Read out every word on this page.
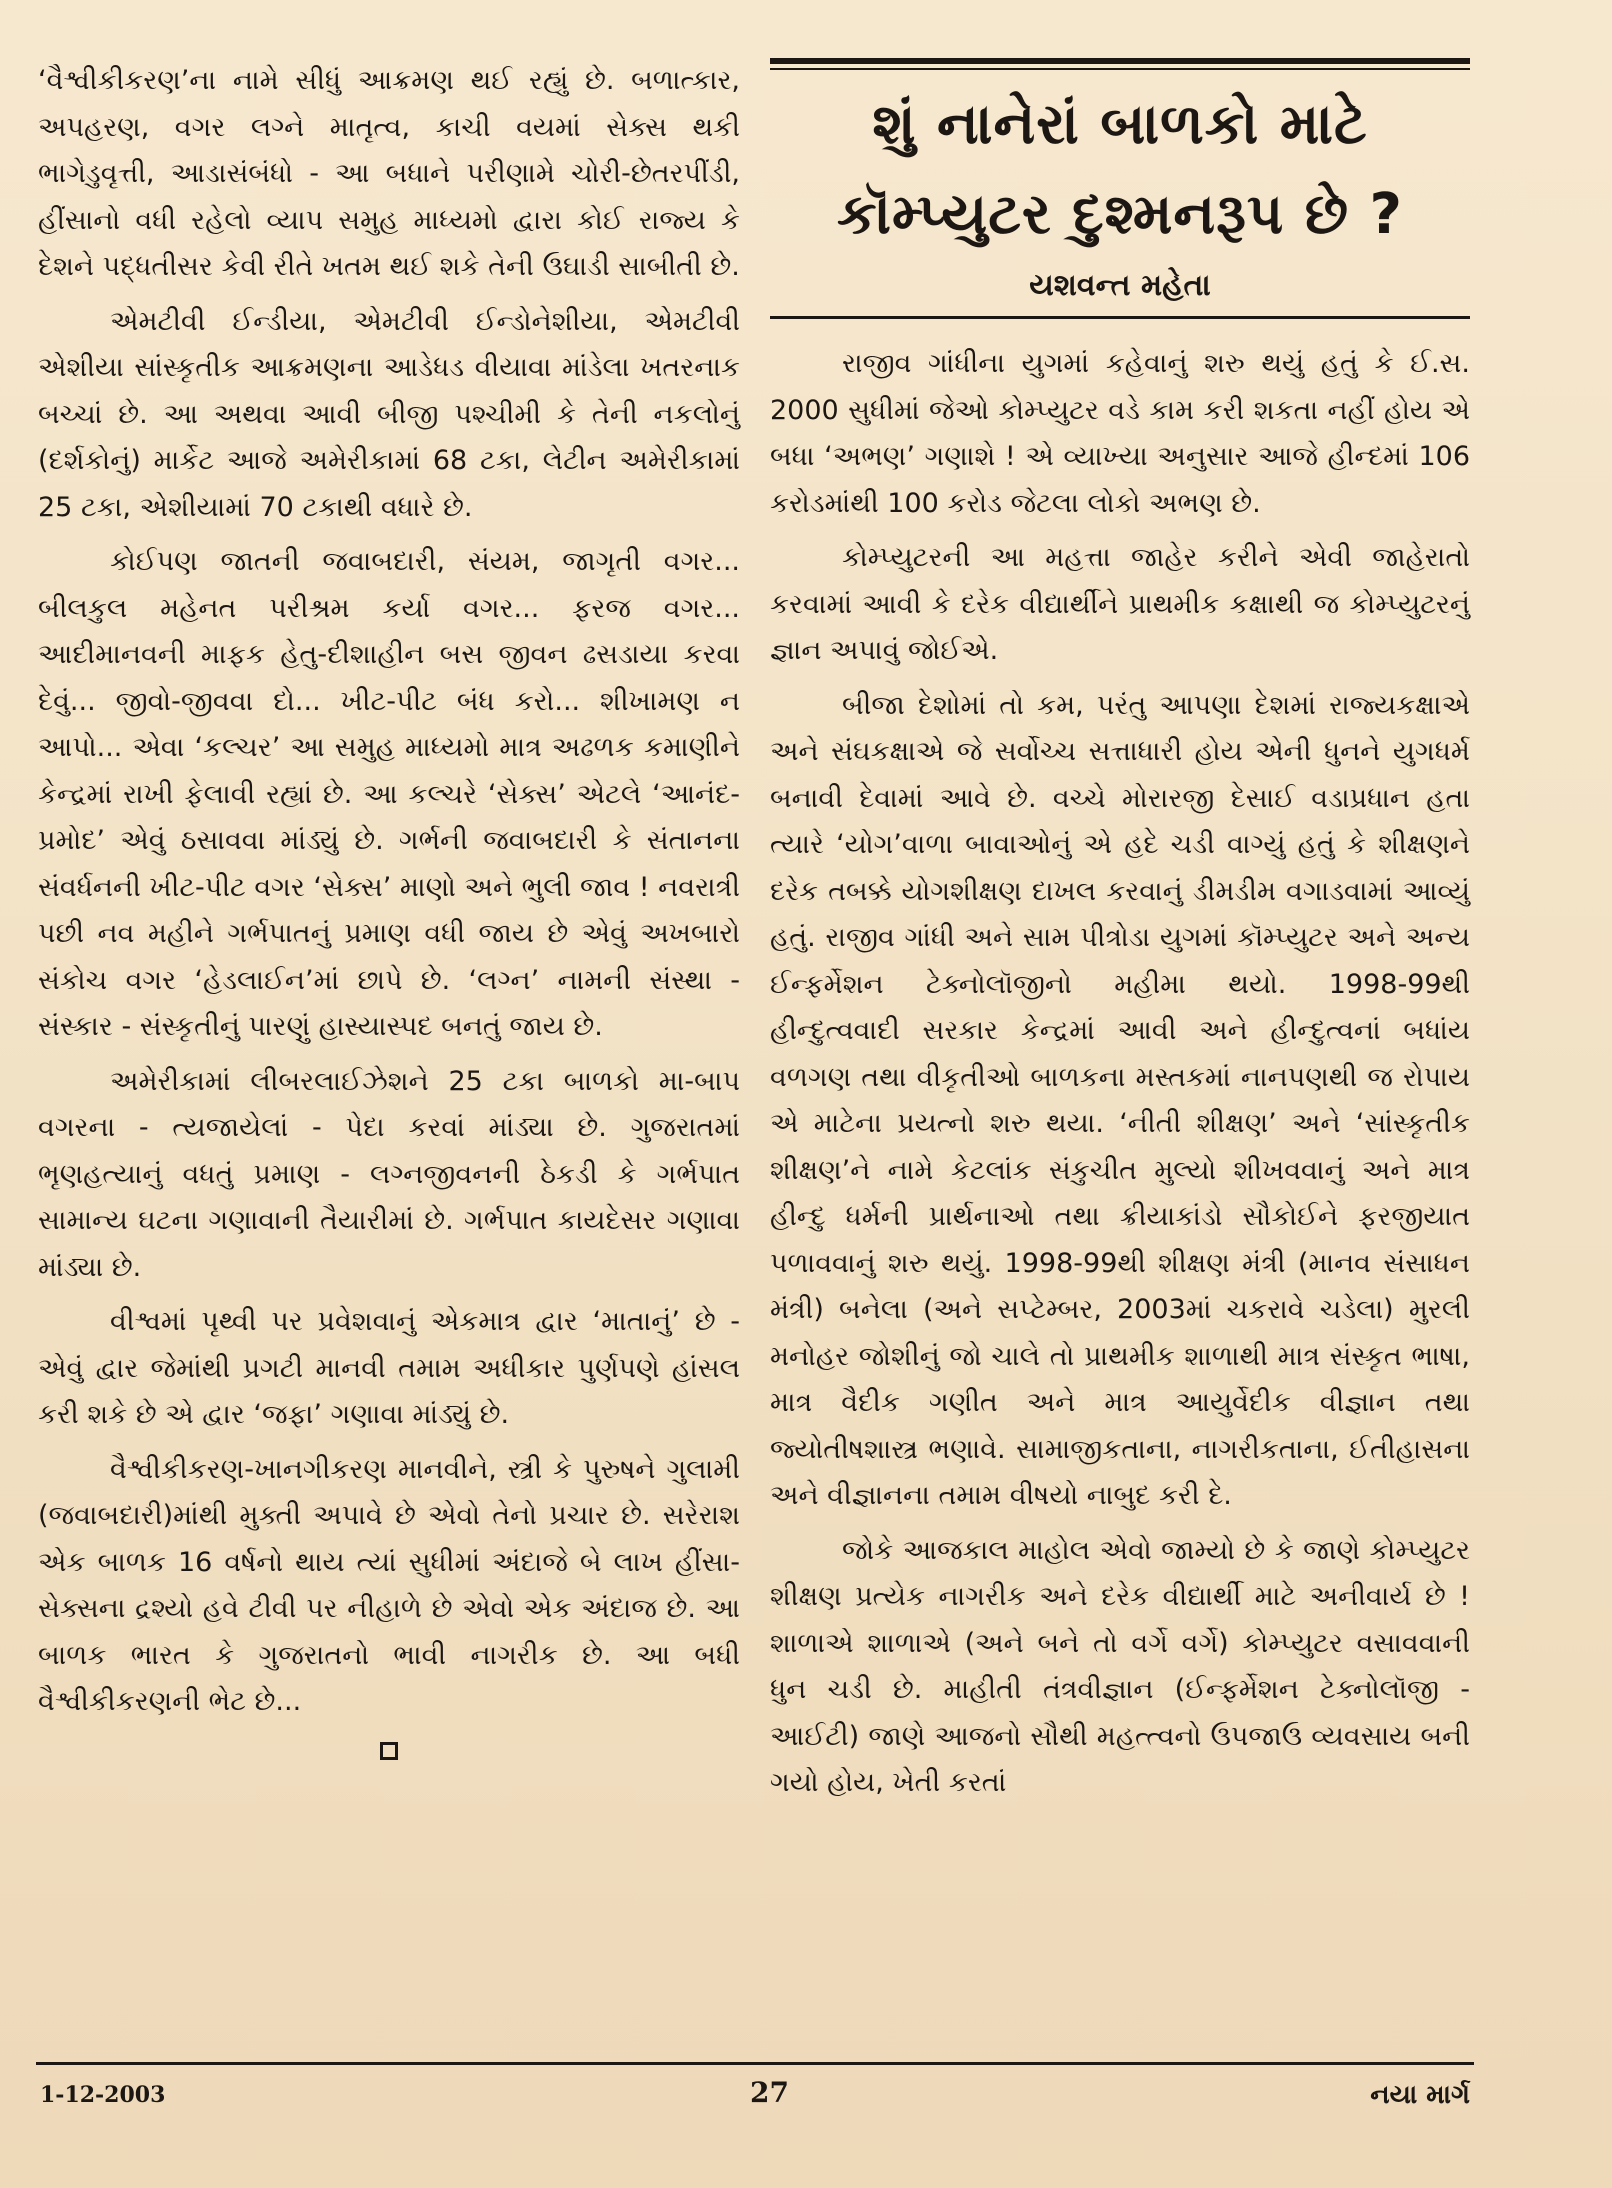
‘વૈશ્વીકીકરણ’ના નામે સીધું આક્રમણ થઈ રહ્યું છે. બળાત્કાર, અપહરણ, વગર લગ્ને માતૃત્વ, કાચી વયમાં સેક્સ થકી ભાગેડુવૃત્તી, આડાસંબંધો - આ બધાને પરીણામે ચોરી-છેતરપીંડી, હીંસાનો વધી રહેલો વ્યાપ સમુહ માધ્યમો દ્વારા કોઈ રાજ્ય કે દેશને પદ્ધતીસર કેવી રીતે ખતમ થઈ શકે તેની ઉઘાડી સાબીતી છે.

એમટીવી ઈન્ડીયા, એમટીવી ઈન્ડોનેશીયા, એમટીવી એશીયા સાંસ્કૃતીક આક્રમણના આડેધડ વીયાવા માંડેલા ખતરનાક બચ્ચાં છે. આ અથવા આવી બીજી પશ્ચીમી કે તેની નકલોનું (દર્શકોનું) માર્કેટ આજે અમેરીકામાં 68 ટકા, લેટીન અમેરીકામાં 25 ટકા, એશીયામાં 70 ટકાથી વધારે છે.

કોઈપણ જાતની જવાબદારી, સંયમ, જાગૃતી વગર... બીલકુલ મહેનત પરીશ્રમ કર્યા વગર... ફરજ વગર... આદીમાનવની માફક હેતુ-દીશાહીન બસ જીવન ઢસડાયા કરવા દેવું... જીવો-જીવવા દો... ખીટ-પીટ બંધ કરો... શીખામણ ન આપો... એવા ‘કલ્ચર’ આ સમુહ માધ્યમો માત્ર અઢળક કમાણીને કેન્દ્રમાં રાખી ફેલાવી રહ્યાં છે. આ કલ્ચરે ‘સેક્સ’ એટલે ‘આનંદ-પ્રમોદ’ એવું ઠસાવવા માંડ્યું છે. ગર્ભની જવાબદારી કે સંતાનના સંવર્ધનની ખીટ-પીટ વગર ‘સેક્સ’ માણો અને ભુલી જાવ ! નવરાત્રી પછી નવ મહીને ગર્ભપાતનું પ્રમાણ વધી જાય છે એવું અખબારો સંકોચ વગર ‘હેડલાઈન’માં છાપે છે. ‘લગ્ન’ નામની સંસ્થા - સંસ્કાર - સંસ્કૃતીનું પારણું હાસ્યાસ્પદ બનતું જાય છે.

અમેરીકામાં લીબરલાઈઝેશને 25 ટકા બાળકો મા-બાપ વગરના - ત્યજાયેલાં - પેદા કરવાં માંડ્યા છે. ગુજરાતમાં ભૃણહત્યાનું વધતું પ્રમાણ - લગ્નજીવનની ઠેકડી કે ગર્ભપાત સામાન્ય ઘટના ગણાવાની તૈયારીમાં છે. ગર્ભપાત કાયદેસર ગણાવા માંડ્યા છે.

વીશ્વમાં પૃથ્વી પર પ્રવેશવાનું એકમાત્ર દ્વાર ‘માતાનું’ છે - એવું દ્વાર જેમાંથી પ્રગટી માનવી તમામ અધીકાર પુર્ણપણે હાંસલ કરી શકે છે એ દ્વાર ‘જફા’ ગણાવા માંડ્યું છે.

વૈશ્વીકીકરણ-ખાનગીકરણ માનવીને, સ્ત્રી કે પુરુષને ગુલામી (જવાબદારી)માંથી મુક્તી અપાવે છે એવો તેનો પ્રચાર છે. સરેરાશ એક બાળક 16 વર્ષનો થાય ત્યાં સુધીમાં અંદાજે બે લાખ હીંસા-સેક્સના દ્રશ્યો હવે ટીવી પર નીહાળે છે એવો એક અંદાજ છે. આ બાળક ભારત કે ગુજરાતનો ભાવી નાગરીક છે. આ બધી વૈશ્વીકીકરણની ભેટ છે...

શું નાનેરાં બાળકો માટે કૉમ્પ્યુટર દુશ્મનરૂપ છે ?
યશવન્ત મહેતા

રાજીવ ગાંધીના યુગમાં કહેવાનું શરુ થયું હતું કે ઈ.સ. 2000 સુધીમાં જેઓ કોમ્પ્યુટર વડે કામ કરી શકતા નહીં હોય એ બધા ‘અભણ’ ગણાશે ! એ વ્યાખ્યા અનુસાર આજે હીન્દમાં 106 કરોડમાંથી 100 કરોડ જેટલા લોકો અભણ છે.

કોમ્પ્યુટરની આ મહત્તા જાહેર કરીને એવી જાહેરાતો કરવામાં આવી કે દરેક વીદ્યાર્થીને પ્રાથમીક કક્ષાથી જ કોમ્પ્યુટરનું જ્ઞાન અપાવું જોઈએ.

બીજા દેશોમાં તો કમ, પરંતુ આપણા દેશમાં રાજ્યકક્ષાએ અને સંઘકક્ષાએ જે સર્વોચ્ચ સત્તાધારી હોય એની ધુનને યુગધર્મ બનાવી દેવામાં આવે છે. વચ્ચે મોરારજી દેસાઈ વડાપ્રધાન હતા ત્યારે ‘યોગ’વાળા બાવાઓનું એ હદે ચડી વાગ્યું હતું કે શીક્ષણને દરેક તબક્કે યોગશીક્ષણ દાખલ કરવાનું ડીમડીમ વગાડવામાં આવ્યું હતું. રાજીવ ગાંધી અને સામ પીત્રોડા યુગમાં કૉમ્પ્યુટર અને અન્ય ઈન્ફર્મેશન ટેક્નોલૉજીનો મહીમા થયો. 1998-99થી હીન્દુત્વવાદી સરકાર કેન્દ્રમાં આવી અને હીન્દુત્વનાં બધાંય વળગણ તથા વીકૃતીઓ બાળકના મસ્તકમાં નાનપણથી જ રોપાય એ માટેના પ્રયત્નો શરુ થયા. ‘નીતી શીક્ષણ’ અને ‘સાંસ્કૃતીક શીક્ષણ’ને નામે કેટલાંક સંકુચીત મુલ્યો શીખવવાનું અને માત્ર હીન્દુ ધર્મની પ્રાર્થનાઓ તથા ક્રીયાકાંડો સૌકોઈને ફરજીયાત પળાવવાનું શરુ થયું. 1998-99થી શીક્ષણ મંત્રી (માનવ સંસાધન મંત્રી) બનેલા (અને સપ્ટેમ્બર, 2003માં ચકરાવે ચડેલા) મુરલી મનોહર જોશીનું જો ચાલે તો પ્રાથમીક શાળાથી માત્ર સંસ્કૃત ભાષા, માત્ર વૈદીક ગણીત અને માત્ર આયુર્વેદીક વીજ્ઞાન તથા જ્યોતીષશાસ્ત્ર ભણાવે. સામાજીકતાના, નાગરીકતાના, ઈતીહાસના અને વીજ્ઞાનના તમામ વીષયો નાબુદ કરી દે.

જોકે આજકાલ માહોલ એવો જામ્યો છે કે જાણે કોમ્પ્યુટર શીક્ષણ પ્રત્યેક નાગરીક અને દરેક વીદ્યાર્થી માટે અનીવાર્ય છે ! શાળાએ શાળાએ (અને બને તો વર્ગે વર્ગે) કોમ્પ્યુટર વસાવવાની ધુન ચડી છે. માહીતી તંત્રવીજ્ઞાન (ઈન્ફર્મેશન ટેક્નોલૉજી - આઈટી) જાણે આજનો સૌથી મહત્ત્વનો ઉપજાઉ વ્યવસાય બની ગયો હોય, ખેતી કરતાં

1-12-2003	27	નયા માર્ગ
